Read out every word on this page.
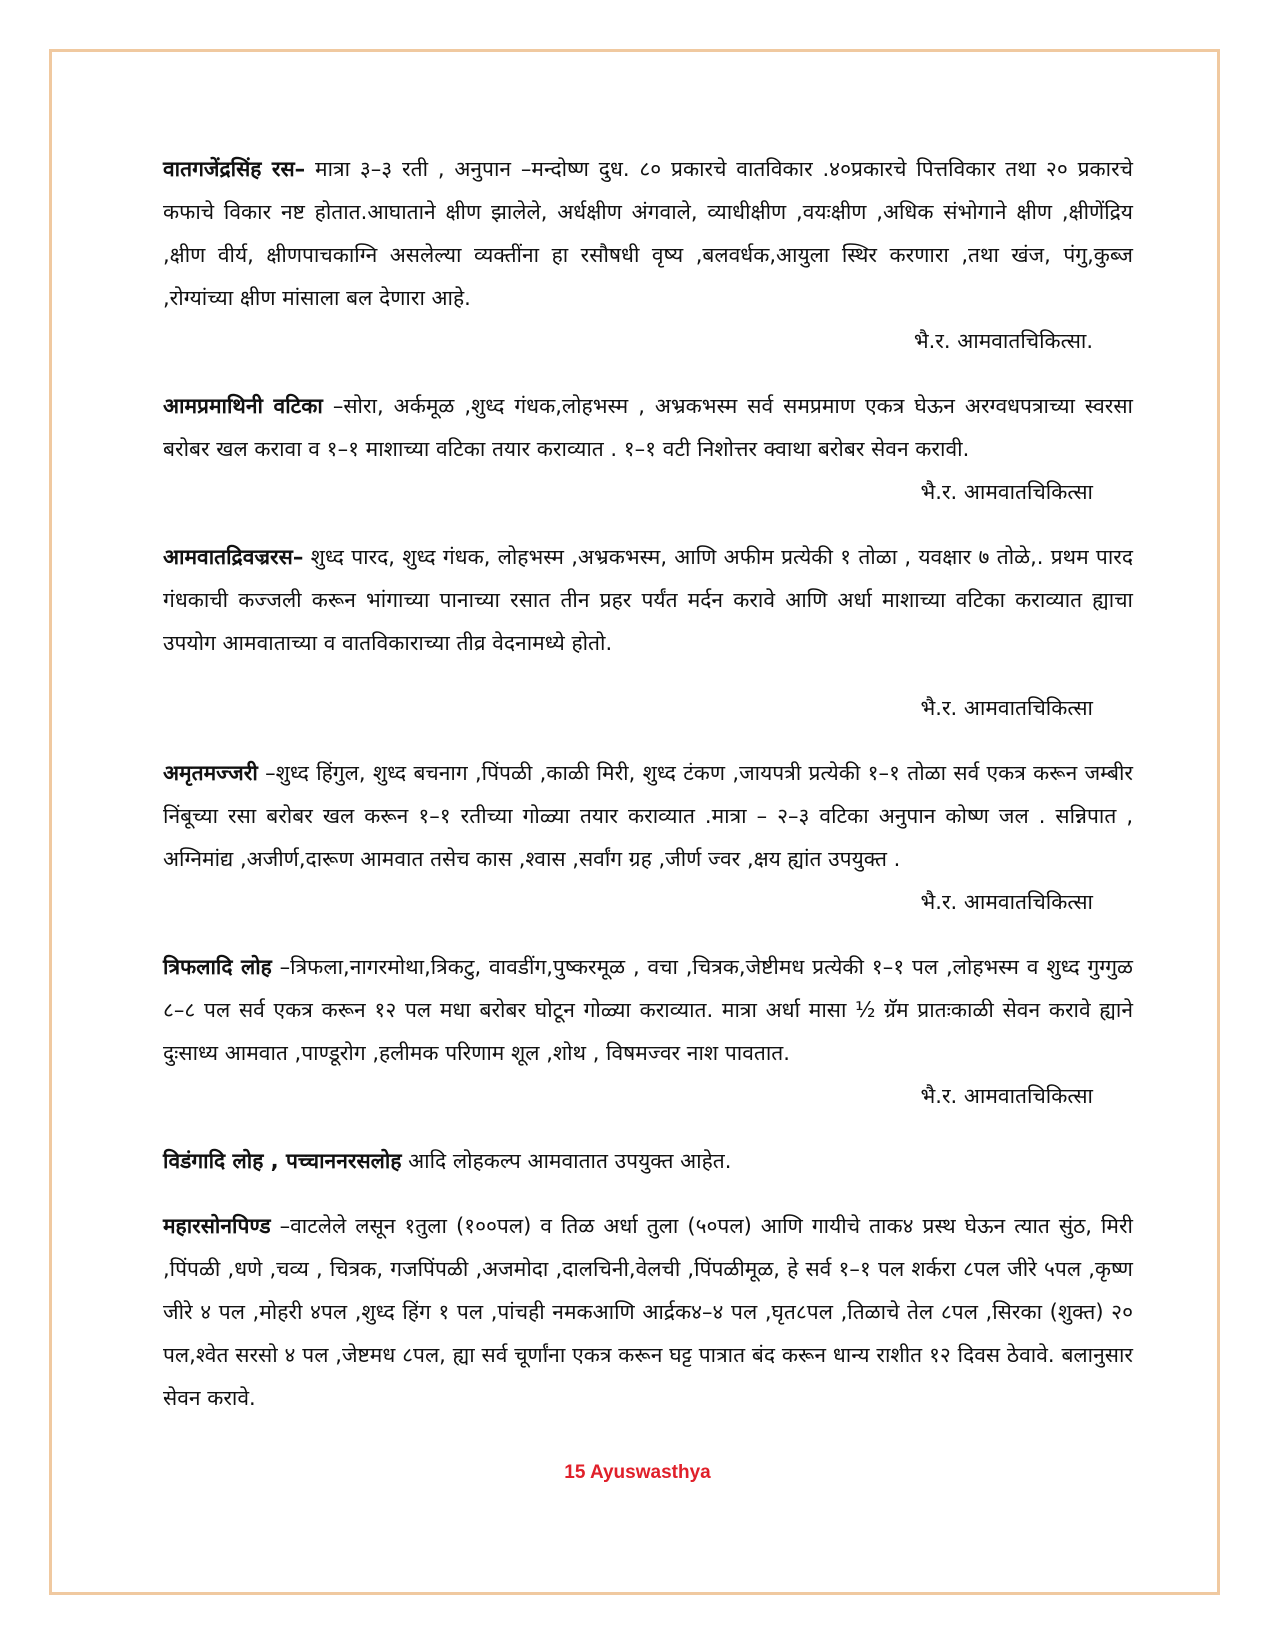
वातगजेंद्रसिंह रस– मात्रा ३–३ रती , अनुपान –मन्दोष्ण दुध. ८० प्रकारचे वातविकार .४०प्रकारचे पित्तविकार तथा २० प्रकारचे कफाचे विकार नष्ट होतात.आघाताने क्षीण झालेले, अर्धक्षीण अंगवाले, व्याधीक्षीण ,वयःक्षीण ,अधिक संभोगाने क्षीण ,क्षीणेंद्रिय ,क्षीण वीर्य, क्षीणपाचकाग्नि असलेल्या व्यक्तींना हा रसौषधी वृष्य ,बलवर्धक,आयुला स्थिर करणारा ,तथा खंज, पंगु,कुब्ज ,रोग्यांच्या क्षीण मांसाला बल देणारा आहे.
भै.र. आमवातचिकित्सा.

आमप्रमाथिनी वटिका –सोरा, अर्कमूळ ,शुध्द गंधक,लोहभस्म , अभ्रकभस्म सर्व समप्रमाण एकत्र घेऊन अरग्वधपत्राच्या स्वरसा बरोबर खल करावा व १–१ माशाच्या वटिका तयार कराव्यात . १–१ वटी निशोत्तर क्वाथा बरोबर सेवन करावी.
भै.र. आमवातचिकित्सा

आमवातद्रिवज्ररस– शुध्द पारद, शुध्द गंधक, लोहभस्म ,अभ्रकभस्म, आणि अफीम प्रत्येकी १ तोळा , यवक्षार ७ तोळे,. प्रथम पारद गंधकाची कज्जली करून भांगाच्या पानाच्या रसात तीन प्रहर पर्यंत मर्दन करावे आणि अर्धा माशाच्या वटिका कराव्यात ह्याचा उपयोग आमवाताच्या व वातविकाराच्या तीव्र वेदनामध्ये होतो.
भै.र. आमवातचिकित्सा

अमृतमज्जरी –शुध्द हिंगुल, शुध्द बचनाग ,पिंपळी ,काळी मिरी, शुध्द टंकण ,जायपत्री प्रत्येकी १–१ तोळा सर्व एकत्र करून जम्बीर निंबूच्या रसा बरोबर खल करून १–१ रतीच्या गोळ्या तयार कराव्यात .मात्रा – २–३ वटिका अनुपान कोष्ण जल . सन्निपात , अग्निमांद्य ,अजीर्ण,दारूण आमवात तसेच कास ,श्वास ,सर्वांग ग्रह ,जीर्ण ज्वर ,क्षय ह्यांत उपयुक्त .
भै.र. आमवातचिकित्सा

त्रिफलादि लोह –त्रिफला,नागरमोथा,त्रिकटु, वावडींग,पुष्करमूळ , वचा ,चित्रक,जेष्टीमध प्रत्येकी १–१ पल ,लोहभस्म व शुध्द गुग्गुळ ८–८ पल सर्व एकत्र करून १२ पल मधा बरोबर घोटून गोळ्या कराव्यात. मात्रा अर्धा मासा ½ ग्रॅम प्रातःकाळी सेवन करावे ह्याने दुःसाध्य आमवात ,पाण्डूरोग ,हलीमक परिणाम शूल ,शोथ , विषमज्वर नाश पावतात.
भै.र. आमवातचिकित्सा

विडंगादि लोह , पच्चाननरसलोह आदि लोहकल्प आमवातात उपयुक्त आहेत.

महारसोनपिण्ड –वाटलेले लसून १तुला (१००पल) व तिळ अर्धा तुला (५०पल) आणि गायीचे ताक४ प्रस्थ घेऊन त्यात सुंठ, मिरी ,पिंपळी ,धणे ,चव्य , चित्रक, गजपिंपळी ,अजमोदा ,दालचिनी,वेलची ,पिंपळीमूळ, हे सर्व १–१ पल शर्करा ८पल जीरे ५पल ,कृष्ण जीरे ४ पल ,मोहरी ४पल ,शुध्द हिंग १ पल ,पांचही नमकआणि आर्द्रक४–४ पल ,घृत८पल ,तिळाचे तेल ८पल ,सिरका (शुक्त) २० पल,श्वेत सरसो ४ पल ,जेष्टमध ८पल, ह्या सर्व चूर्णांना एकत्र करून घट्ट पात्रात बंद करून धान्य राशीत १२ दिवस ठेवावे. बलानुसार सेवन करावे.

15 Ayuswasthya
